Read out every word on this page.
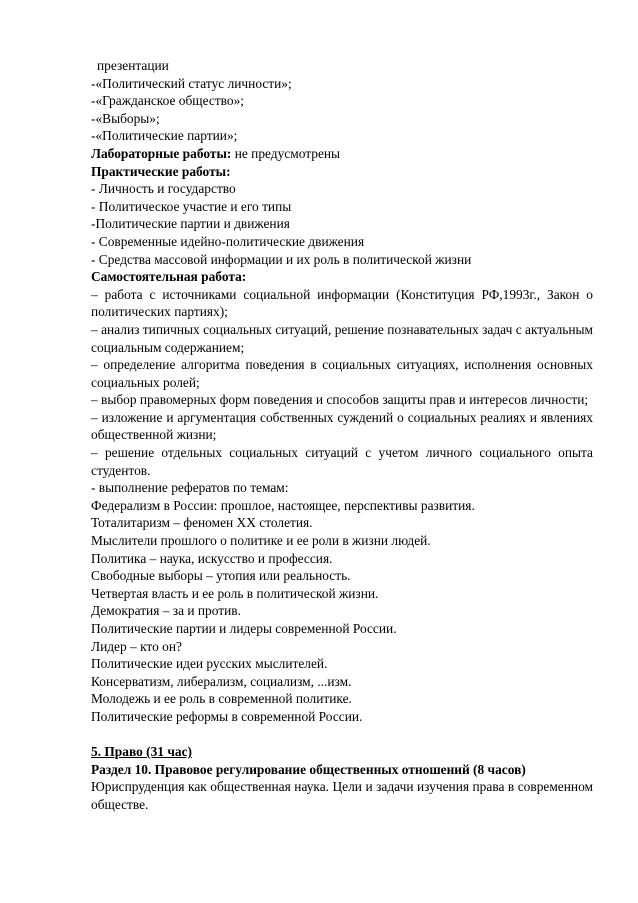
презентации
-«Политический статус личности»;
-«Гражданское общество»;
-«Выборы»;
-«Политические партии»;
Лабораторные работы: не предусмотрены
Практические работы:
- Личность и государство
- Политическое участие и его типы
-Политические партии и движения
- Современные идейно-политические движения
- Средства массовой информации и их роль в политической жизни
Самостоятельная работа:
– работа с источниками социальной информации (Конституция РФ,1993г., Закон о политических партиях);
– анализ типичных социальных ситуаций, решение познавательных задач с актуальным социальным содержанием;
– определение алгоритма поведения в социальных ситуациях, исполнения основных социальных ролей;
– выбор правомерных форм поведения и способов защиты прав и интересов личности;
– изложение и аргументация собственных суждений о социальных реалиях и явлениях общественной жизни;
– решение отдельных социальных ситуаций с учетом личного социального опыта студентов.
- выполнение рефератов по темам:
Федерализм в России: прошлое, настоящее, перспективы развития.
Тоталитаризм – феномен XX столетия.
Мыслители прошлого о политике и ее роли в жизни людей.
Политика – наука, искусство и профессия.
Свободные выборы – утопия или реальность.
Четвертая власть и ее роль в политической жизни.
Демократия – за и против.
Политические партии и лидеры современной России.
Лидер – кто он?
Политические идеи русских мыслителей.
Консерватизм, либерализм, социализм, ...изм.
Молодежь и ее роль в современной политике.
Политические реформы в современной России.
5. Право (31 час)
Раздел 10. Правовое регулирование общественных отношений (8 часов)
Юриспруденция как общественная наука. Цели и задачи изучения права в современном обществе.
